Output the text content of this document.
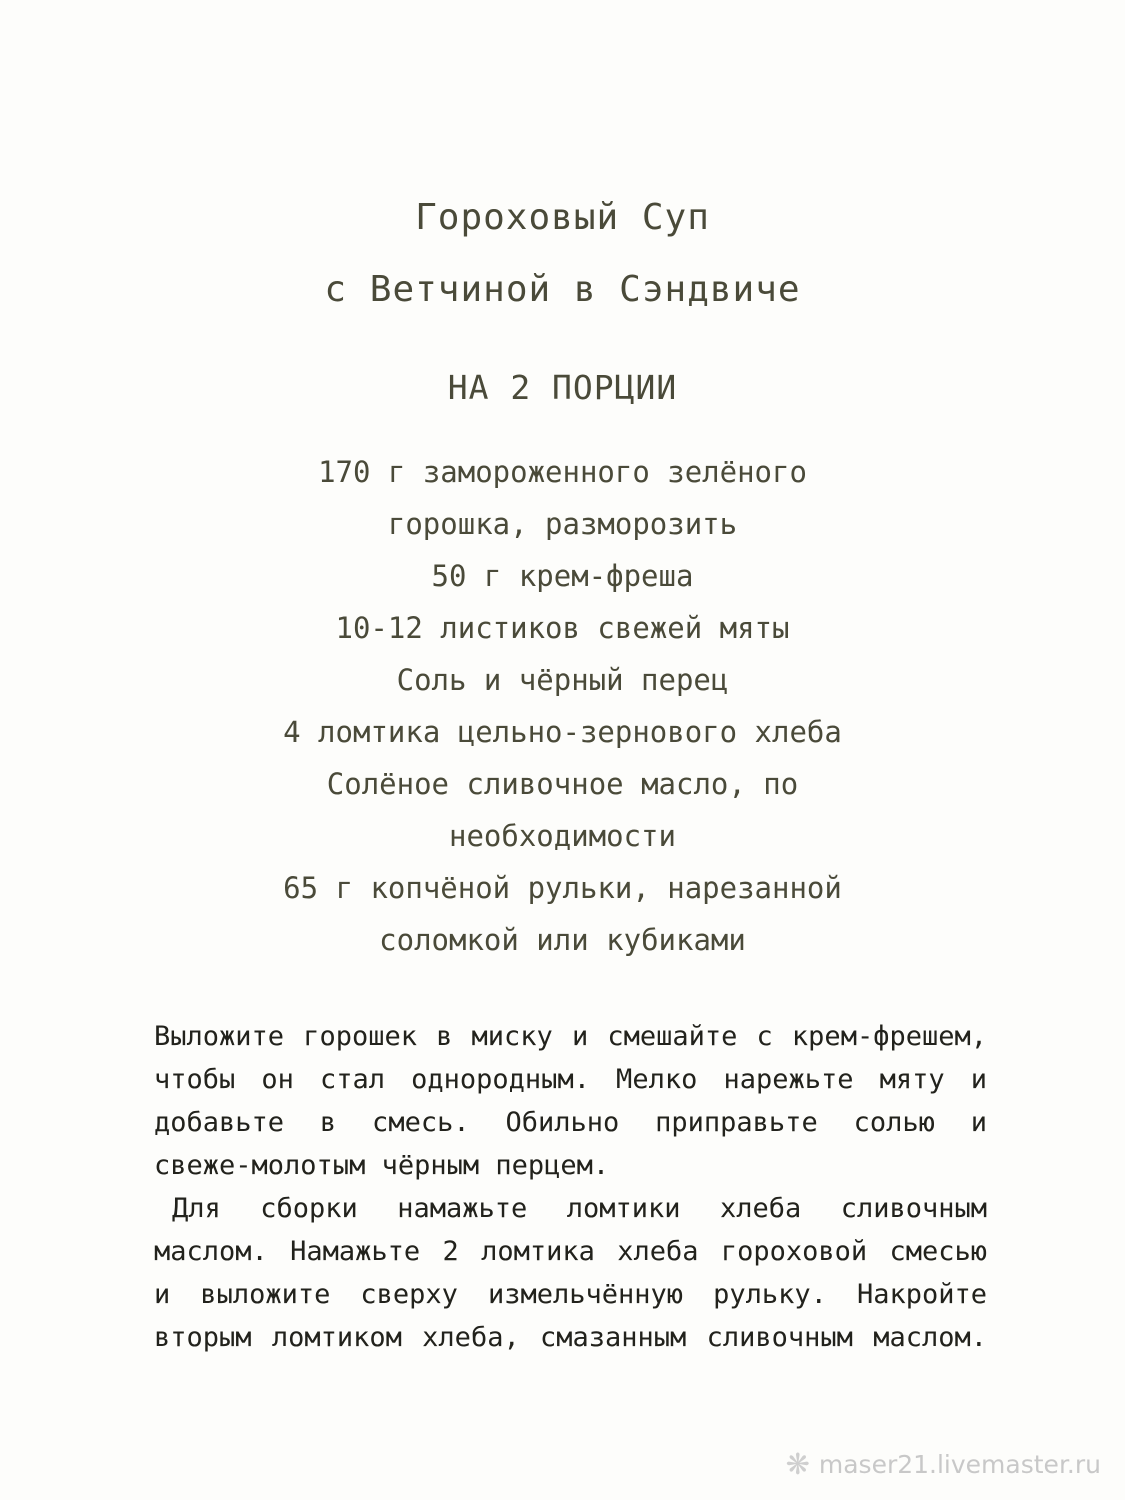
Гороховый Суп
с Ветчиной в Сэндвиче
НА 2 ПОРЦИИ
170 г замороженного зелёного
горошка, разморозить
50 г крем-фреша
10-12 листиков свежей мяты
Соль и чёрный перец
4 ломтика цельно-зернового хлеба
Солёное сливочное масло, по
необходимости
65 г копчёной рульки, нарезанной
соломкой или кубиками
Выложите горошек в миску и смешайте с крем-фрешем,
чтобы он стал однородным. Мелко нарежьте мяту и
добавьте в смесь. Обильно приправьте солью и
свеже-молотым чёрным перцем.
Для сборки намажьте ломтики хлеба сливочным
маслом. Намажьте 2 ломтика хлеба гороховой смесью
и выложите сверху измельчённую рульку. Накройте
вторым ломтиком хлеба, смазанным сливочным маслом.
❋ maser21.livemaster.ru
